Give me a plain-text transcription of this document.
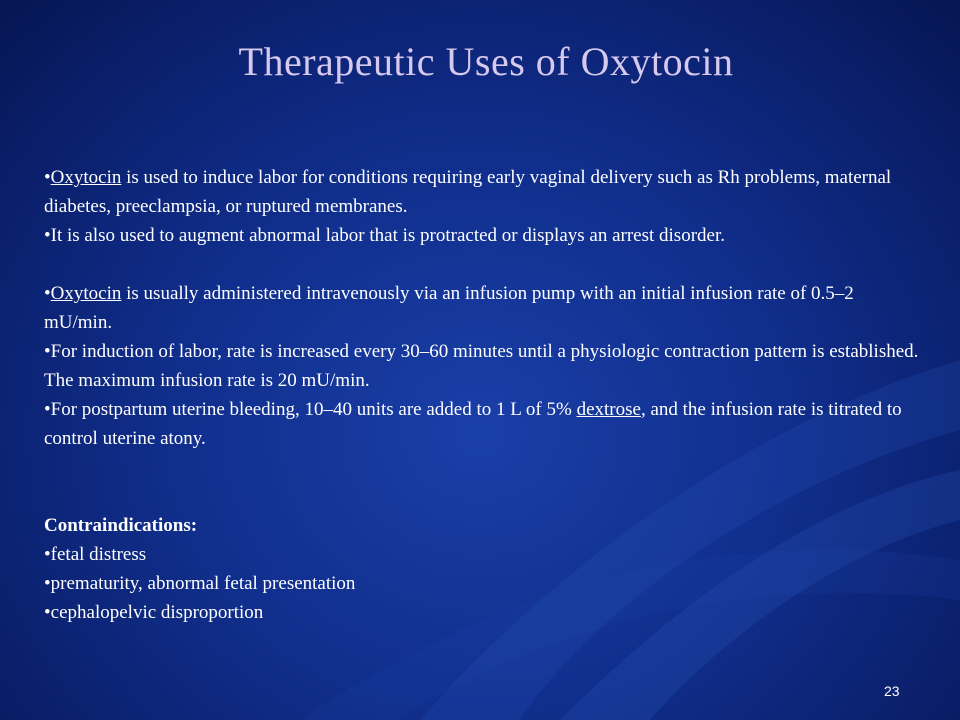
Therapeutic Uses of Oxytocin

•Oxytocin is used to induce labor for conditions requiring early vaginal delivery such as Rh problems, maternal diabetes, preeclampsia, or ruptured membranes.

•It is also used to augment abnormal labor that is protracted or displays an arrest disorder.

•Oxytocin is usually administered intravenously via an infusion pump with an initial infusion rate of 0.5–2 mU/min.

•For induction of labor, rate is increased every 30–60 minutes until a physiologic contraction pattern is established. The maximum infusion rate is 20 mU/min.

•For postpartum uterine bleeding, 10–40 units are added to 1 L of 5% dextrose, and the infusion rate is titrated to control uterine atony.

Contraindications:

•fetal distress

•prematurity, abnormal fetal presentation

•cephalopelvic disproportion

23
